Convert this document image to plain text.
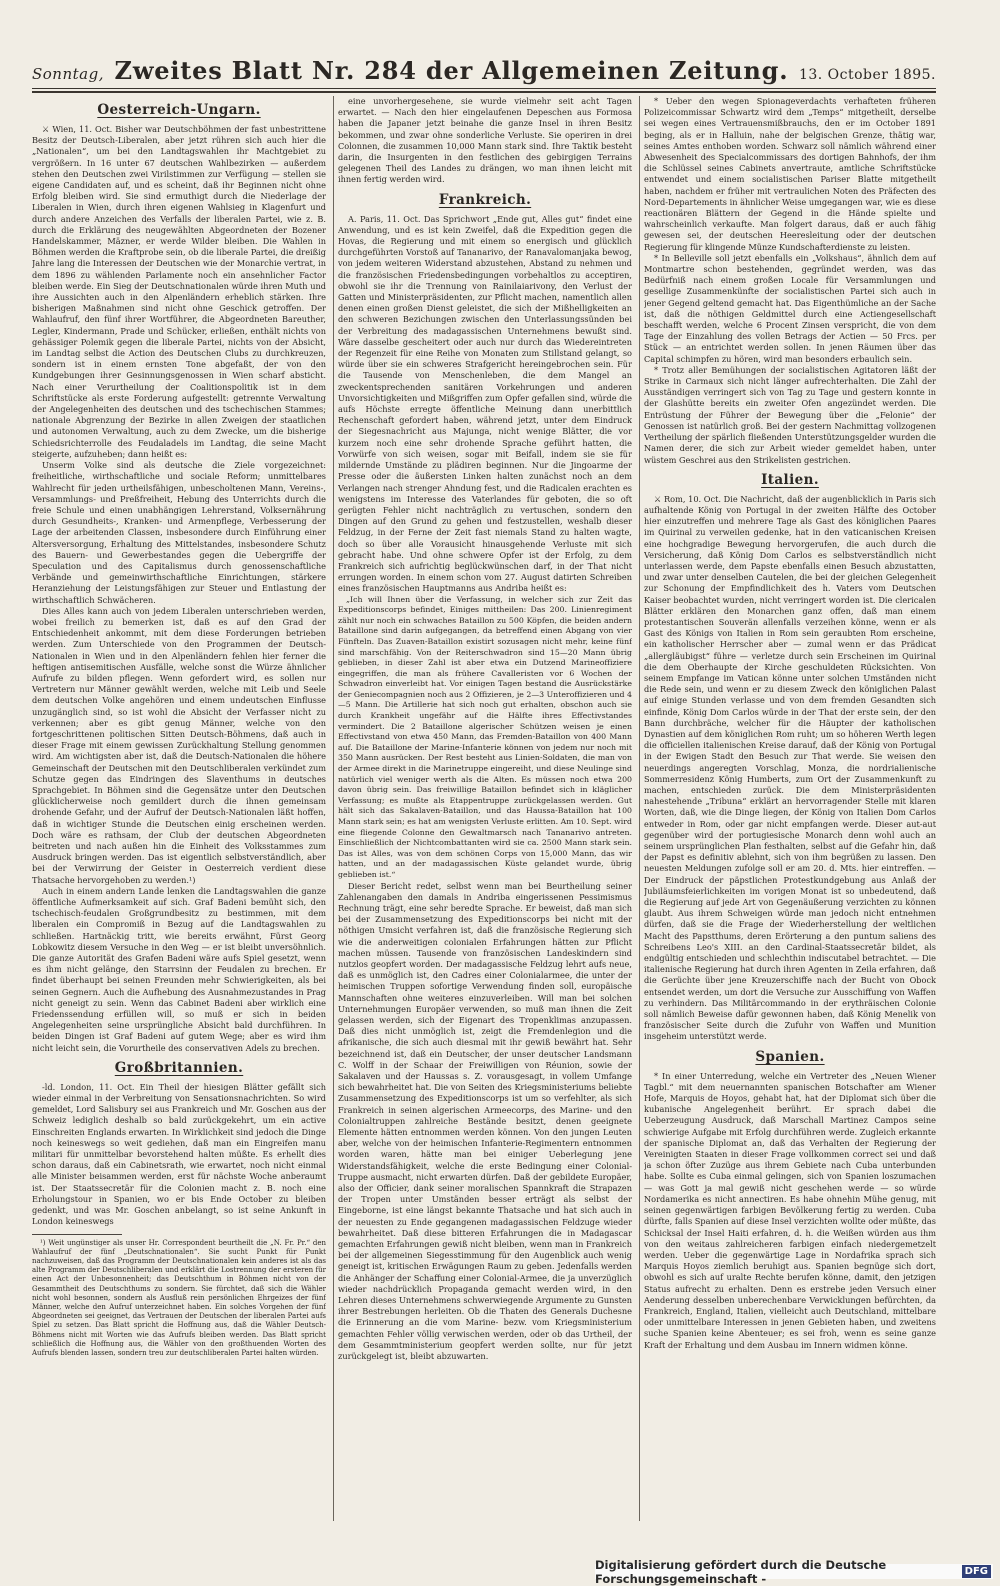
Sonntag, Zweites Blatt Nr. 284 der Allgemeinen Zeitung. 13. October 1895.
Oesterreich-Ungarn.

⚔ Wien, 11. Oct. Bisher war Deutschböhmen der fast unbestrittene Besitz der Deutsch-Liberalen, aber jetzt rühren sich auch hier die „Nationalen“, um bei den Landtagswahlen ihr Machtgebiet zu vergrößern. In 16 unter 67 deutschen Wahlbezirken — außerdem stehen den Deutschen zwei Virilstimmen zur Verfügung — stellen sie eigene Candidaten auf, und es scheint, daß ihr Beginnen nicht ohne Erfolg bleiben wird. Sie sind ermuthigt durch die Niederlage der Liberalen in Wien, durch ihren eigenen Wahlsieg in Klagenfurt und durch andere Anzeichen des Verfalls der liberalen Partei, wie z. B. durch die Erklärung des neugewählten Abgeordneten der Bozener Handelskammer, Mäzner, er werde Wilder bleiben. Die Wahlen in Böhmen werden die Kraftprobe sein, ob die liberale Partei, die dreißig Jahre lang die Interessen der Deutschen wie der Monarchie vertrat, in dem 1896 zu wählenden Parlamente noch ein ansehnlicher Factor bleiben werde. Ein Sieg der Deutschnationalen würde ihren Muth und ihre Aussichten auch in den Alpenländern erheblich stärken. Ihre bisherigen Maßnahmen sind nicht ohne Geschick getroffen. Der Wahlaufruf, den fünf ihrer Wortführer, die Abgeordneten Bareuther, Legler, Kindermann, Prade und Schücker, erließen, enthält nichts von gehässiger Polemik gegen die liberale Partei, nichts von der Absicht, im Landtag selbst die Action des Deutschen Clubs zu durchkreuzen, sondern ist in einem ernsten Tone abgefaßt, der von den Kundgebungen ihrer Gesinnungsgenossen in Wien scharf absticht. Nach einer Verurtheilung der Coalitionspolitik ist in dem Schriftstücke als erste Forderung aufgestellt: getrennte Verwaltung der Angelegenheiten des deutschen und des tschechischen Stammes; nationale Abgrenzung der Bezirke in allen Zweigen der staatlichen und autonomen Verwaltung, auch zu dem Zwecke, um die bisherige Schiedsrichterrolle des Feudaladels im Landtag, die seine Macht steigerte, aufzuheben; dann heißt es:

Unserm Volke sind als deutsche die Ziele vorgezeichnet: freiheitliche, wirthschaftliche und sociale Reform; unmittelbares Wahlrecht für jeden urtheilsfähigen, unbescholtenen Mann, Vereins-, Versammlungs- und Preßfreiheit, Hebung des Unterrichts durch die freie Schule und einen unabhängigen Lehrerstand, Volksernährung durch Gesundheits-, Kranken- und Armenpflege, Verbesserung der Lage der arbeitenden Classen, insbesondere durch Einführung einer Altersversorgung, Erhaltung des Mittelstandes, insbesondere Schutz des Bauern- und Gewerbestandes gegen die Uebergriffe der Speculation und des Capitalismus durch genossenschaftliche Verbände und gemeinwirthschaftliche Einrichtungen, stärkere Heranziehung der Leistungsfähigen zur Steuer und Entlastung der wirthschaftlich Schwächeren.

Dies Alles kann auch von jedem Liberalen unterschrieben werden, wobei freilich zu bemerken ist, daß es auf den Grad der Entschiedenheit ankommt, mit dem diese Forderungen betrieben werden. Zum Unterschiede von den Programmen der Deutsch-Nationalen in Wien und in den Alpenländern fehlen hier ferner die heftigen antisemitischen Ausfälle, welche sonst die Würze ähnlicher Aufrufe zu bilden pflegen. Wenn gefordert wird, es sollen nur Vertretern nur Männer gewählt werden, welche mit Leib und Seele dem deutschen Volke angehören und einem undeutschen Einflusse unzugänglich sind, so ist wohl die Absicht der Verfasser nicht zu verkennen; aber es gibt genug Männer, welche von den fortgeschrittenen politischen Sitten Deutsch-Böhmens, daß auch in dieser Frage mit einem gewissen Zurückhaltung Stellung genommen wird. Am wichtigsten aber ist, daß die Deutsch-Nationalen die höhere Gemeinschaft der Deutschen mit den Deutschliberalen verkündet zum Schutze gegen das Eindringen des Slaventhums in deutsches Sprachgebiet. In Böhmen sind die Gegensätze unter den Deutschen glücklicherweise noch gemildert durch die ihnen gemeinsam drohende Gefahr, und der Aufruf der Deutsch-Nationalen läßt hoffen, daß in wichtiger Stunde die Deutschen einig erscheinen werden. Doch wäre es rathsam, der Club der deutschen Abgeordneten beitreten und nach außen hin die Einheit des Volksstammes zum Ausdruck bringen werden. Das ist eigentlich selbstverständlich, aber bei der Verwirrung der Geister in Oesterreich verdient diese Thatsache hervorgehoben zu werden.¹)

Auch in einem andern Lande lenken die Landtagswahlen die ganze öffentliche Aufmerksamkeit auf sich. Graf Badeni bemüht sich, den tschechisch-feudalen Großgrundbesitz zu bestimmen, mit dem liberalen ein Compromiß in Bezug auf die Landtagswahlen zu schließen. Hartnäckig tritt, wie bereits erwähnt, Fürst Georg Lobkowitz diesem Versuche in den Weg — er ist bleibt unversöhnlich. Die ganze Autorität des Grafen Badeni wäre aufs Spiel gesetzt, wenn es ihm nicht gelänge, den Starrsinn der Feudalen zu brechen. Er findet überhaupt bei seinen Freunden mehr Schwierigkeiten, als bei seinen Gegnern. Auch die Aufhebung des Ausnahmezustandes in Prag nicht geneigt zu sein. Wenn das Cabinet Badeni aber wirklich eine Friedenssendung erfüllen will, so muß er sich in beiden Angelegenheiten seine ursprüngliche Absicht bald durchführen. In beiden Dingen ist Graf Badeni auf gutem Wege; aber es wird ihm nicht leicht sein, die Vorurtheile des conservativen Adels zu brechen.

Großbritannien.

-ld. London, 11. Oct. Ein Theil der hiesigen Blätter gefällt sich wieder einmal in der Verbreitung von Sensationsnachrichten. So wird gemeldet, Lord Salisbury sei aus Frankreich und Mr. Goschen aus der Schweiz lediglich deshalb so bald zurückgekehrt, um ein active Einschreiten Englands erwarten. In Wirklichkeit sind jedoch die Dinge noch keineswegs so weit gediehen, daß man ein Eingreifen manu militari für unmittelbar bevorstehend halten müßte. Es erhellt dies schon daraus, daß ein Cabinetsrath, wie erwartet, noch nicht einmal alle Minister beisammen werden, erst für nächste Woche anberaumt ist. Der Staatssecretär für die Colonien macht z. B. noch eine Erholungstour in Spanien, wo er bis Ende October zu bleiben gedenkt, und was Mr. Goschen anbelangt, so ist seine Ankunft in London keineswegs

¹) Weit ungünstiger als unser Hr. Correspondent beurtheilt die „N. Fr. Pr.“ den Wahlaufruf der fünf „Deutschnationalen“. Sie sucht Punkt für Punkt nachzuweisen, daß das Programm der Deutschnationalen kein anderes ist als das alte Programm der Deutschliberalen und erklärt die Lostrennung der ersteren für einen Act der Unbesonnenheit; das Deutschthum in Böhmen nicht von der Gesammtheit des Deutschthums zu sondern. Sie fürchtet, daß sich die Wähler nicht wohl besonnen, sondern als Ausfluß rein persönlichen Ehrgeizes der fünf Männer, welche den Aufruf unterzeichnet haben. Ein solches Vorgehen der fünf Abgeordneten sei geeignet, das Vertrauen der Deutschen der liberalen Partei aufs Spiel zu setzen. Das Blatt spricht die Hoffnung aus, daß die Wähler Deutsch-Böhmens nicht mit Worten wie das Aufrufs bleiben werden. Das Blatt spricht schließlich die Hoffnung aus, die Wähler von den großthuenden Worten des Aufrufs blenden lassen, sondern treu zur deutschliberalen Partei halten würden.

eine unvorhergesehene, sie wurde vielmehr seit acht Tagen erwartet. — Nach den hier eingelaufenen Depeschen aus Formosa haben die Japaner jetzt beinahe die ganze Insel in ihren Besitz bekommen, und zwar ohne sonderliche Verluste. Sie operiren in drei Colonnen, die zusammen 10,000 Mann stark sind. Ihre Taktik besteht darin, die Insurgenten in den festlichen des gebirgigen Terrains gelegenen Theil des Landes zu drängen, wo man ihnen leicht mit ihnen fertig werden wird.

Frankreich.

A. Paris, 11. Oct. Das Sprichwort „Ende gut, Alles gut“ findet eine Anwendung, und es ist kein Zweifel, daß die Expedition gegen die Hovas, die Regierung und mit einem so energisch und glücklich durchgeführten Vorstoß auf Tananarivo, der Ranavalomanjaka bewog, von jedem weiteren Widerstand abzustehen, Abstand zu nehmen und die französischen Friedensbedingungen vorbehaltlos zu acceptiren, obwohl sie ihr die Trennung von Rainilaiarivony, den Verlust der Gatten und Ministerpräsidenten, zur Pflicht machen, namentlich allen denen einen großen Dienst geleistet, die sich der Mißhelligkeiten an den schweren Bezichungen zwischen den Unterlassungssünden bei der Verbreitung des madagassischen Unternehmens bewußt sind. Wäre dasselbe gescheitert oder auch nur durch das Wiedereintreten der Regenzeit für eine Reihe von Monaten zum Stillstand gelangt, so würde über sie ein schweres Strafgericht hereingebrochen sein. Für die Tausende von Menschenleben, die dem Mangel an zweckentsprechenden sanitären Vorkehrungen und anderen Unvorsichtigkeiten und Mißgriffen zum Opfer gefallen sind, würde die aufs Höchste erregte öffentliche Meinung dann unerbittlich Rechenschaft gefordert haben, während jetzt, unter dem Eindruck der Siegesnachricht aus Majunga, nicht wenige Blätter, die vor kurzem noch eine sehr drohende Sprache geführt hatten, die Vorwürfe von sich weisen, sogar mit Beifall, indem sie sie für mildernde Umstände zu plädiren beginnen. Nur die Jingoarme der Presse oder die äußersten Linken halten zunächst noch an dem Verlangen nach strenger Ahndung fest, und die Radicalen erachten es wenigstens im Interesse des Vaterlandes für geboten, die so oft gerügten Fehler nicht nachträglich zu vertuschen, sondern den Dingen auf den Grund zu gehen und festzustellen, weshalb dieser Feldzug, in der Ferne der Zeit fast niemals Stand zu halten wagte, doch so über alle Vorausicht hinausgehende Verluste mit sich gebracht habe. Und ohne schwere Opfer ist der Erfolg, zu dem Frankreich sich aufrichtig beglückwünschen darf, in der That nicht errungen worden. In einem schon vom 27. August datirten Schreiben eines französischen Hauptmanns aus Andriba heißt es:

„Ich will Ihnen über die Verfassung, in welcher sich zur Zeit das Expeditionscorps befindet, Einiges mittheilen: Das 200. Linienregiment zählt nur noch ein schwaches Bataillon zu 500 Köpfen, die beiden andern Bataillone sind darin aufgegangen, da betreffend einen Abgang von vier Fünfteln. Das Zuaven-Bataillon existirt sozusagen nicht mehr, keine fünf sind marschfähig. Von der Reiterschwadron sind 15—20 Mann übrig geblieben, in dieser Zahl ist aber etwa ein Dutzend Marineoffiziere eingegriffen, die man als frühere Cavalleristen vor 6 Wochen der Schwadron einverleibt hat. Vor einigen Tagen bestand die Ausrückstärke der Geniecompagnien noch aus 2 Offizieren, je 2—3 Unteroffizieren und 4—5 Mann. Die Artillerie hat sich noch gut erhalten, obschon auch sie durch Krankheit ungefähr auf die Hälfte ihres Effectivstandes vermindert. Die 2 Bataillone algerischer Schützen weisen je einen Effectivstand von etwa 450 Mann, das Fremden-Bataillon von 400 Mann auf. Die Bataillone der Marine-Infanterie können von jedem nur noch mit 350 Mann ausrücken. Der Rest besteht aus Linien-Soldaten, die man von der Armee direkt in die Marinetruppe eingereiht, und diese Neulinge sind natürlich viel weniger werth als die Alten. Es müssen noch etwa 200 davon übrig sein. Das freiwillige Bataillon befindet sich in kläglicher Verfassung; es mußte als Etappentruppe zurückgelassen werden. Gut hält sich das Sakalaven-Bataillon, und das Haussa-Bataillon hat 100 Mann stark sein; es hat am wenigsten Verluste erlitten. Am 10. Sept. wird eine fliegende Colonne den Gewaltmarsch nach Tananarivo antreten. Einschließlich der Nichtcombattanten wird sie ca. 2500 Mann stark sein. Das ist Alles, was von dem schönen Corps von 15,000 Mann, das wir hatten, und an der madagassischen Küste gelandet wurde, übrig geblieben ist.“

Dieser Bericht redet, selbst wenn man bei Beurtheilung seiner Zahlenangaben den damals in Andriba eingerissenen Pessimismus Rechnung trägt, eine sehr beredte Sprache. Er beweist, daß man sich bei der Zusammensetzung des Expeditionscorps bei nicht mit der nöthigen Umsicht verfahren ist, daß die französische Regierung sich wie die anderweitigen colonialen Erfahrungen hätten zur Pflicht machen müssen. Tausende von französischen Landeskindern sind nutzlos geopfert worden. Der madagassische Feldzug lehrt aufs neue, daß es unmöglich ist, den Cadres einer Colonialarmee, die unter der heimischen Truppen sofortige Verwendung finden soll, europäische Mannschaften ohne weiteres einzuverleiben. Will man bei solchen Unternehmungen Europäer verwenden, so muß man ihnen die Zeit gelassen werden, sich der Eigenart des Tropenklimas anzupassen. Daß dies nicht unmöglich ist, zeigt die Fremdenlegion und die afrikanische, die sich auch diesmal mit ihr gewiß bewährt hat. Sehr bezeichnend ist, daß ein Deutscher, der unser deutscher Landsmann C. Wolff in der Schaar der Freiwilligen von Réunion, sowie der Sakalaven und der Haussas s. Z. vorausgesagt, in vollem Umfange sich bewahrheitet hat. Die von Seiten des Kriegsministeriums beliebte Zusammensetzung des Expeditionscorps ist um so verfehlter, als sich Frankreich in seinen algerischen Armeecorps, des Marine- und den Colonialtruppen zahlreiche Bestände besitzt, denen geeignete Elemente hätten entnommen werden können. Von den jungen Leuten aber, welche von der heimischen Infanterie-Regimentern entnommen worden waren, hätte man bei einiger Ueberlegung jene Widerstandsfähigkeit, welche die erste Bedingung einer Colonial-Truppe ausmacht, nicht erwarten dürfen. Daß der gebildete Europäer, also der Officier, dank seiner moralischen Spannkraft die Strapazen der Tropen unter Umständen besser erträgt als selbst der Eingeborne, ist eine längst bekannte Thatsache und hat sich auch in der neuesten zu Ende gegangenen madagassischen Feldzuge wieder bewahrheitet. Daß diese bitteren Erfahrungen die in Madagascar gemachten Erfahrungen gewiß nicht bleiben, wenn man in Frankreich bei der allgemeinen Siegesstimmung für den Augenblick auch wenig geneigt ist, kritischen Erwägungen Raum zu geben. Jedenfalls werden die Anhänger der Schaffung einer Colonial-Armee, die ja unverzüglich wieder nachdrücklich Propaganda gemacht werden wird, in den Lehren dieses Unternehmens schwerwiegende Argumente zu Gunsten ihrer Bestrebungen herleiten. Ob die Thaten des Generals Duchesne die Erinnerung an die vom Marine- bezw. vom Kriegsministerium gemachten Fehler völlig verwischen werden, oder ob das Urtheil, der dem Gesammtministerium geopfert werden sollte, nur für jetzt zurückgelegt ist, bleibt abzuwarten.

* Ueber den wegen Spionageverdachts verhafteten früheren Polizeicommissar Schwartz wird dem „Temps“ mitgetheilt, derselbe sei wegen eines Vertrauensmißbrauchs, den er im October 1891 beging, als er in Halluin, nahe der belgischen Grenze, thätig war, seines Amtes enthoben worden. Schwarz soll nämlich während einer Abwesenheit des Specialcommissars des dortigen Bahnhofs, der ihm die Schlüssel seines Cabinets anvertraute, amtliche Schriftstücke entwendet und einem socialistischen Pariser Blatte mitgetheilt haben, nachdem er früher mit vertraulichen Noten des Präfecten des Nord-Departements in ähnlicher Weise umgegangen war, wie es diese reactionären Blättern der Gegend in die Hände spielte und wahrscheinlich verkaufte. Man folgert daraus, daß er auch fähig gewesen sei, der deutschen Heeresleitung oder der deutschen Regierung für klingende Münze Kundschafterdienste zu leisten.

* In Belleville soll jetzt ebenfalls ein „Volkshaus“, ähnlich dem auf Montmartre schon bestehenden, gegründet werden, was das Bedürfniß nach einem großen Locale für Versammlungen und gesellige Zusammenkünfte der socialistischen Partei sich auch in jener Gegend geltend gemacht hat. Das Eigenthümliche an der Sache ist, daß die nöthigen Geldmittel durch eine Actiengesellschaft beschafft werden, welche 6 Procent Zinsen verspricht, die von dem Tage der Einzahlung des vollen Betrags der Actien — 50 Frcs. per Stück — an entrichtet werden sollen. In jenen Räumen über das Capital schimpfen zu hören, wird man besonders erbaulich sein.

* Trotz aller Bemühungen der socialistischen Agitatoren läßt der Strike in Carmaux sich nicht länger aufrechterhalten. Die Zahl der Ausständigen verringert sich von Tag zu Tage und gestern konnte in der Glashütte bereits ein zweiter Ofen angezündet werden. Die Entrüstung der Führer der Bewegung über die „Felonie“ der Genossen ist natürlich groß. Bei der gestern Nachmittag vollzogenen Vertheilung der spärlich fließenden Unterstützungsgelder wurden die Namen derer, die sich zur Arbeit wieder gemeldet haben, unter wüstem Geschrei aus den Strikelisten gestrichen.

Italien.

⚔ Rom, 10. Oct. Die Nachricht, daß der augenblicklich in Paris sich aufhaltende König von Portugal in der zweiten Hälfte des October hier einzutreffen und mehrere Tage als Gast des königlichen Paares im Quirinal zu verweilen gedenke, hat in den vaticanischen Kreisen eine hochgradige Bewegung hervorgerufen, die auch durch die Versicherung, daß König Dom Carlos es selbstverständlich nicht unterlassen werde, dem Papste ebenfalls einen Besuch abzustatten, und zwar unter denselben Cautelen, die bei der gleichen Gelegenheit zur Schonung der Empfindlichkeit des h. Vaters vom Deutschen Kaiser beobachtet wurden, nicht verringert worden ist. Die clericalen Blätter erklären den Monarchen ganz offen, daß man einem protestantischen Souverän allenfalls verzeihen könne, wenn er als Gast des Königs von Italien in Rom sein geraubten Rom erscheine, ein katholischer Herrscher aber — zumal wenn er das Prädicat „allergläubigst“ führe — verletze durch sein Erscheinen im Quirinal die dem Oberhaupte der Kirche geschuldeten Rücksichten. Von seinem Empfange im Vatican könne unter solchen Umständen nicht die Rede sein, und wenn er zu diesem Zweck den königlichen Palast auf einige Stunden verlasse und von dem fremden Gesandten sich einfinde, König Dom Carlos würde in der That der erste sein, der den Bann durchbräche, welcher für die Häupter der katholischen Dynastien auf dem königlichen Rom ruht; um so höheren Werth legen die officiellen italienischen Kreise darauf, daß der König von Portugal in der Ewigen Stadt den Besuch zur That werde. Sie weisen den neuerdings angeregten Vorschlag, Monza, die nordrialienische Sommerresidenz König Humberts, zum Ort der Zusammenkunft zu machen, entschieden zurück. Die dem Ministerpräsidenten nahestehende „Tribuna“ erklärt an hervorragender Stelle mit klaren Worten, daß, wie die Dinge liegen, der König von Italien Dom Carlos entweder in Rom, oder gar nicht empfangen werde. Dieser aut-aut gegenüber wird der portugiesische Monarch denn wohl auch an seinem ursprünglichen Plan festhalten, selbst auf die Gefahr hin, daß der Papst es definitiv ablehnt, sich von ihm begrüßen zu lassen. Den neuesten Meldungen zufolge soll er am 20. d. Mts. hier eintreffen. — Der Eindruck der päpstlichen Protestkundgebung aus Anlaß der Jubiläumsfeierlichkeiten im vorigen Monat ist so unbedeutend, daß die Regierung auf jede Art von Gegenäußerung verzichten zu können glaubt. Aus ihrem Schweigen würde man jedoch nicht entnehmen dürfen, daß sie die Frage der Wiederherstellung der weltlichen Macht des Papstthums, deren Erörterung a den puntum saliens des Schreibens Leo's XIII. an den Cardinal-Staatssecretär bildet, als endgültig entschieden und schlechthin indiscutabel betrachtet. — Die italienische Regierung hat durch ihren Agenten in Zeila erfahren, daß die Gerüchte über jene Kreuzerschiffe nach der Bucht von Obock entsendet werden, um dort die Versuche zur Ausschiffung von Waffen zu verhindern. Das Militärcommando in der erythräischen Colonie soll nämlich Beweise dafür gewonnen haben, daß König Menelik von französischer Seite durch die Zufuhr von Waffen und Munition insgeheim unterstützt werde.

Spanien.

* In einer Unterredung, welche ein Vertreter des „Neuen Wiener Tagbl.“ mit dem neuernannten spanischen Botschafter am Wiener Hofe, Marquis de Hoyos, gehabt hat, hat der Diplomat sich über die kubanische Angelegenheit berührt. Er sprach dabei die Ueberzeugung Ausdruck, daß Marschall Martinez Campos seine schwierige Aufgabe mit Erfolg durchführen werde. Zugleich erkannte der spanische Diplomat an, daß das Verhalten der Regierung der Vereinigten Staaten in dieser Frage vollkommen correct sei und daß ja schon öfter Zuzüge aus ihrem Gebiete nach Cuba unterbunden habe. Sollte es Cuba einmal gelingen, sich von Spanien loszumachen — was Gott ja mal gewiß nicht geschehen werde — so würde Nordamerika es nicht annectiren. Es habe ohnehin Mühe genug, mit seinen gegenwärtigen farbigen Bevölkerung fertig zu werden. Cuba dürfte, falls Spanien auf diese Insel verzichten wollte oder müßte, das Schicksal der Insel Haiti erfahren, d. h. die Weißen würden aus ihm von den weitaus zahlreicheren farbigen einfach niedergemetzelt werden. Ueber die gegenwärtige Lage in Nordafrika sprach sich Marquis Hoyos ziemlich beruhigt aus. Spanien begnüge sich dort, obwohl es sich auf uralte Rechte berufen könne, damit, den jetzigen Status aufrecht zu erhalten. Denn es erstrebe jeden Versuch einer Aenderung desselben unberechenbare Verwicklungen befürchten, da Frankreich, England, Italien, vielleicht auch Deutschland, mittelbare oder unmittelbare Interessen in jenen Gebieten haben, und zweitens suche Spanien keine Abenteuer; es sei froh, wenn es seine ganze Kraft der Erhaltung und dem Ausbau im Innern widmen könne.

Digitalisierung gefördert durch die Deutsche Forschungsgemeinschaft -	DFG
